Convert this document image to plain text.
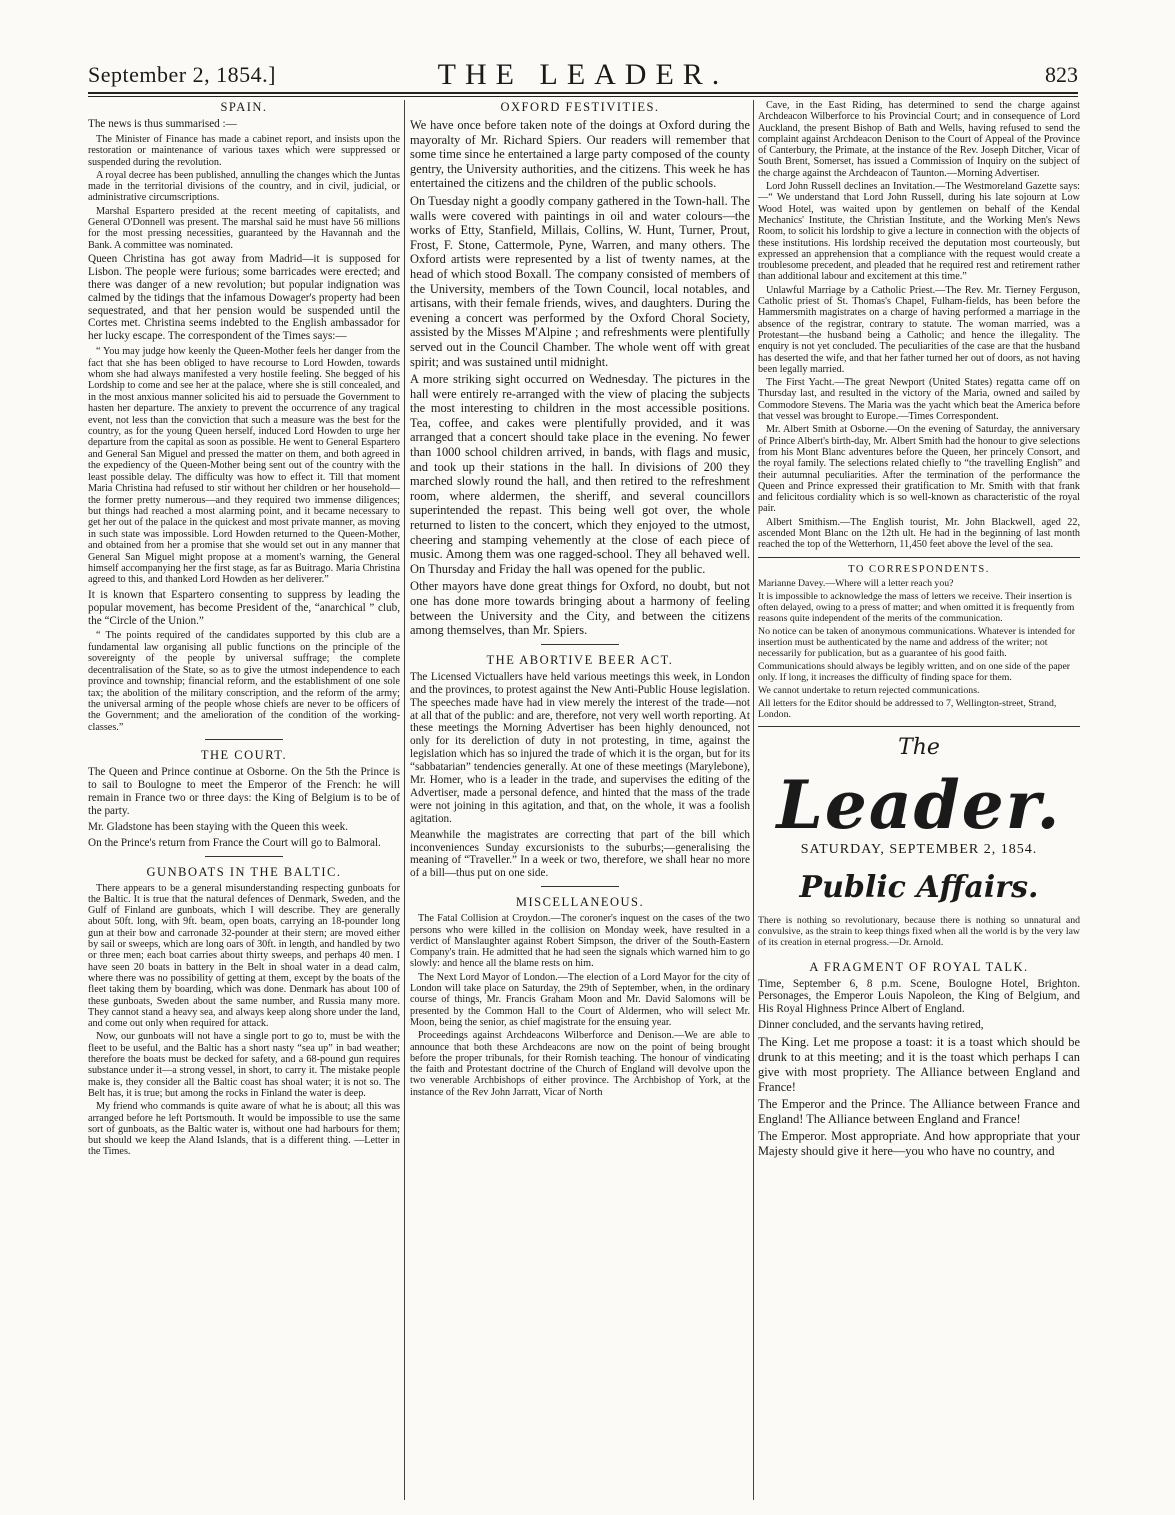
September 2, 1854.]	THE LEADER.	823
SPAIN.

The news is thus summarised :—

The Minister of Finance has made a cabinet report, and insists upon the restoration or maintenance of various taxes which were suppressed or suspended during the revolution.

A royal decree has been published, annulling the changes which the Juntas made in the territorial divisions of the country, and in civil, judicial, or administrative circumscriptions.

Marshal Espartero presided at the recent meeting of capitalists, and General O'Donnell was present. The marshal said he must have 56 millions for the most pressing necessities, guaranteed by the Havannah and the Bank. A committee was nominated.

Queen Christina has got away from Madrid—it is supposed for Lisbon. The people were furious; some barricades were erected; and there was danger of a new revolution; but popular indignation was calmed by the tidings that the infamous Dowager's property had been sequestrated, and that her pension would be suspended until the Cortes met. Christina seems indebted to the English ambassador for her lucky escape. The correspondent of the Times says:—

“ You may judge how keenly the Queen-Mother feels her danger from the fact that she has been obliged to have recourse to Lord Howden, towards whom she had always manifested a very hostile feeling. She begged of his Lordship to come and see her at the palace, where she is still concealed, and in the most anxious manner solicited his aid to persuade the Government to hasten her departure. The anxiety to prevent the occurrence of any tragical event, not less than the conviction that such a measure was the best for the country, as for the young Queen herself, induced Lord Howden to urge her departure from the capital as soon as possible. He went to General Espartero and General San Miguel and pressed the matter on them, and both agreed in the expediency of the Queen-Mother being sent out of the country with the least possible delay. The difficulty was how to effect it. Till that moment Maria Christina had refused to stir without her children or her household—the former pretty numerous—and they required two immense diligences; but things had reached a most alarming point, and it became necessary to get her out of the palace in the quickest and most private manner, as moving in such state was impossible. Lord Howden returned to the Queen-Mother, and obtained from her a promise that she would set out in any manner that General San Miguel might propose at a moment's warning, the General himself accompanying her the first stage, as far as Buitrago. Maria Christina agreed to this, and thanked Lord Howden as her deliverer.”

It is known that Espartero consenting to suppress by leading the popular movement, has become President of the, “anarchical ” club, the “Circle of the Union.”

“ The points required of the candidates supported by this club are a fundamental law organising all public functions on the principle of the sovereignty of the people by universal suffrage; the complete decentralisation of the State, so as to give the utmost independence to each province and township; financial reform, and the establishment of one sole tax; the abolition of the military conscription, and the reform of the army; the universal arming of the people whose chiefs are never to be officers of the Government; and the amelioration of the condition of the working-classes.”

THE COURT.

The Queen and Prince continue at Osborne. On the 5th the Prince is to sail to Boulogne to meet the Emperor of the French: he will remain in France two or three days: the King of Belgium is to be of the party.

Mr. Gladstone has been staying with the Queen this week.

On the Prince's return from France the Court will go to Balmoral.

GUNBOATS IN THE BALTIC.

There appears to be a general misunderstanding respecting gunboats for the Baltic. It is true that the natural defences of Denmark, Sweden, and the Gulf of Finland are gunboats, which I will describe. They are generally about 50ft. long, with 9ft. beam, open boats, carrying an 18-pounder long gun at their bow and carronade 32-pounder at their stern; are moved either by sail or sweeps, which are long oars of 30ft. in length, and handled by two or three men; each boat carries about thirty sweeps, and perhaps 40 men. I have seen 20 boats in battery in the Belt in shoal water in a dead calm, where there was no possibility of getting at them, except by the boats of the fleet taking them by boarding, which was done. Denmark has about 100 of these gunboats, Sweden about the same number, and Russia many more. They cannot stand a heavy sea, and always keep along shore under the land, and come out only when required for attack.

Now, our gunboats will not have a single port to go to, must be with the fleet to be useful, and the Baltic has a short nasty “sea up” in bad weather; therefore the boats must be decked for safety, and a 68-pound gun requires substance under it—a strong vessel, in short, to carry it. The mistake people make is, they consider all the Baltic coast has shoal water; it is not so. The Belt has, it is true; but among the rocks in Finland the water is deep.

My friend who commands is quite aware of what he is about; all this was arranged before he left Portsmouth. It would be impossible to use the same sort of gunboats, as the Baltic water is, without one had harbours for them; but should we keep the Aland Islands, that is a different thing. —Letter in the Times.

OXFORD FESTIVITIES.

We have once before taken note of the doings at Oxford during the mayoralty of Mr. Richard Spiers. Our readers will remember that some time since he entertained a large party composed of the county gentry, the University authorities, and the citizens. This week he has entertained the citizens and the children of the public schools.

On Tuesday night a goodly company gathered in the Town-hall. The walls were covered with paintings in oil and water colours—the works of Etty, Stanfield, Millais, Collins, W. Hunt, Turner, Prout, Frost, F. Stone, Cattermole, Pyne, Warren, and many others. The Oxford artists were represented by a list of twenty names, at the head of which stood Boxall. The company consisted of members of the University, members of the Town Council, local notables, and artisans, with their female friends, wives, and daughters. During the evening a concert was performed by the Oxford Choral Society, assisted by the Misses M'Alpine ; and refreshments were plentifully served out in the Council Chamber. The whole went off with great spirit; and was sustained until midnight.

A more striking sight occurred on Wednesday. The pictures in the hall were entirely re-arranged with the view of placing the subjects the most interesting to children in the most accessible positions. Tea, coffee, and cakes were plentifully provided, and it was arranged that a concert should take place in the evening. No fewer than 1000 school children arrived, in bands, with flags and music, and took up their stations in the hall. In divisions of 200 they marched slowly round the hall, and then retired to the refreshment room, where aldermen, the sheriff, and several councillors superintended the repast. This being well got over, the whole returned to listen to the concert, which they enjoyed to the utmost, cheering and stamping vehemently at the close of each piece of music. Among them was one ragged-school. They all behaved well. On Thursday and Friday the hall was opened for the public.

Other mayors have done great things for Oxford, no doubt, but not one has done more towards bringing about a harmony of feeling between the University and the City, and between the citizens among themselves, than Mr. Spiers.

THE ABORTIVE BEER ACT.

The Licensed Victuallers have held various meetings this week, in London and the provinces, to protest against the New Anti-Public House legislation. The speeches made have had in view merely the interest of the trade—not at all that of the public: and are, therefore, not very well worth reporting. At these meetings the Morning Advertiser has been highly denounced, not only for its dereliction of duty in not protesting, in time, against the legislation which has so injured the trade of which it is the organ, but for its “sabbatarian” tendencies generally. At one of these meetings (Marylebone), Mr. Homer, who is a leader in the trade, and supervises the editing of the Advertiser, made a personal defence, and hinted that the mass of the trade were not joining in this agitation, and that, on the whole, it was a foolish agitation.

Meanwhile the magistrates are correcting that part of the bill which inconveniences Sunday excursionists to the suburbs;—generalising the meaning of “Traveller.” In a week or two, therefore, we shall hear no more of a bill—thus put on one side.

MISCELLANEOUS.

The Fatal Collision at Croydon.—The coroner's inquest on the cases of the two persons who were killed in the collision on Monday week, have resulted in a verdict of Manslaughter against Robert Simpson, the driver of the South-Eastern Company's train. He admitted that he had seen the signals which warned him to go slowly: and hence all the blame rests on him.

The Next Lord Mayor of London.—The election of a Lord Mayor for the city of London will take place on Saturday, the 29th of September, when, in the ordinary course of things, Mr. Francis Graham Moon and Mr. David Salomons will be presented by the Common Hall to the Court of Aldermen, who will select Mr. Moon, being the senior, as chief magistrate for the ensuing year.

Proceedings against Archdeacons Wilberforce and Denison.—We are able to announce that both these Archdeacons are now on the point of being brought before the proper tribunals, for their Romish teaching. The honour of vindicating the faith and Protestant doctrine of the Church of England will devolve upon the two venerable Archbishops of either province. The Archbishop of York, at the instance of the Rev John Jarratt, Vicar of North

Cave, in the East Riding, has determined to send the charge against Archdeacon Wilberforce to his Provincial Court; and in consequence of Lord Auckland, the present Bishop of Bath and Wells, having refused to send the complaint against Archdeacon Denison to the Court of Appeal of the Province of Canterbury, the Primate, at the instance of the Rev. Joseph Ditcher, Vicar of South Brent, Somerset, has issued a Commission of Inquiry on the subject of the charge against the Archdeacon of Taunton.—Morning Advertiser.

Lord John Russell declines an Invitation.—The Westmoreland Gazette says:—“ We understand that Lord John Russell, during his late sojourn at Low Wood Hotel, was waited upon by gentlemen on behalf of the Kendal Mechanics' Institute, the Christian Institute, and the Working Men's News Room, to solicit his lordship to give a lecture in connection with the objects of these institutions. His lordship received the deputation most courteously, but expressed an apprehension that a compliance with the request would create a troublesome precedent, and pleaded that he required rest and retirement rather than additional labour and excitement at this time.”

Unlawful Marriage by a Catholic Priest.—The Rev. Mr. Tierney Ferguson, Catholic priest of St. Thomas's Chapel, Fulham-fields, has been before the Hammersmith magistrates on a charge of having performed a marriage in the absence of the registrar, contrary to statute. The woman married, was a Protestant—the husband being a Catholic; and hence the illegality. The enquiry is not yet concluded. The peculiarities of the case are that the husband has deserted the wife, and that her father turned her out of doors, as not having been legally married.

The First Yacht.—The great Newport (United States) regatta came off on Thursday last, and resulted in the victory of the Maria, owned and sailed by Commodore Stevens. The Maria was the yacht which beat the America before that vessel was brought to Europe.—Times Correspondent.

Mr. Albert Smith at Osborne.—On the evening of Saturday, the anniversary of Prince Albert's birth-day, Mr. Albert Smith had the honour to give selections from his Mont Blanc adventures before the Queen, her princely Consort, and the royal family. The selections related chiefly to “the travelling English” and their autumnal peculiarities. After the termination of the performance the Queen and Prince expressed their gratification to Mr. Smith with that frank and felicitous cordiality which is so well-known as characteristic of the royal pair.

Albert Smithism.—The English tourist, Mr. John Blackwell, aged 22, ascended Mont Blanc on the 12th ult. He had in the beginning of last month reached the top of the Wetterhorn, 11,450 feet above the level of the sea.

TO CORRESPONDENTS.

Marianne Davey.—Where will a letter reach you?

It is impossible to acknowledge the mass of letters we receive. Their insertion is often delayed, owing to a press of matter; and when omitted it is frequently from reasons quite independent of the merits of the communication.

No notice can be taken of anonymous communications. Whatever is intended for insertion must be authenticated by the name and address of the writer; not necessarily for publication, but as a guarantee of his good faith.

Communications should always be legibly written, and on one side of the paper only. If long, it increases the difficulty of finding space for them.

We cannot undertake to return rejected communications.

All letters for the Editor should be addressed to 7, Wellington-street, Strand, London.

The
Leader.
SATURDAY, SEPTEMBER 2, 1854.
Public Affairs.

There is nothing so revolutionary, because there is nothing so unnatural and convulsive, as the strain to keep things fixed when all the world is by the very law of its creation in eternal progress.—Dr. Arnold.

A FRAGMENT OF ROYAL TALK.

Time, September 6, 8 p.m. Scene, Boulogne Hotel, Brighton. Personages, the Emperor Louis Napoleon, the King of Belgium, and His Royal Highness Prince Albert of England.

Dinner concluded, and the servants having retired,

The King. Let me propose a toast: it is a toast which should be drunk to at this meeting; and it is the toast which perhaps I can give with most propriety. The Alliance between England and France!

The Emperor and the Prince. The Alliance between France and England! The Alliance between England and France!

The Emperor. Most appropriate. And how appropriate that your Majesty should give it here—you who have no country, and
